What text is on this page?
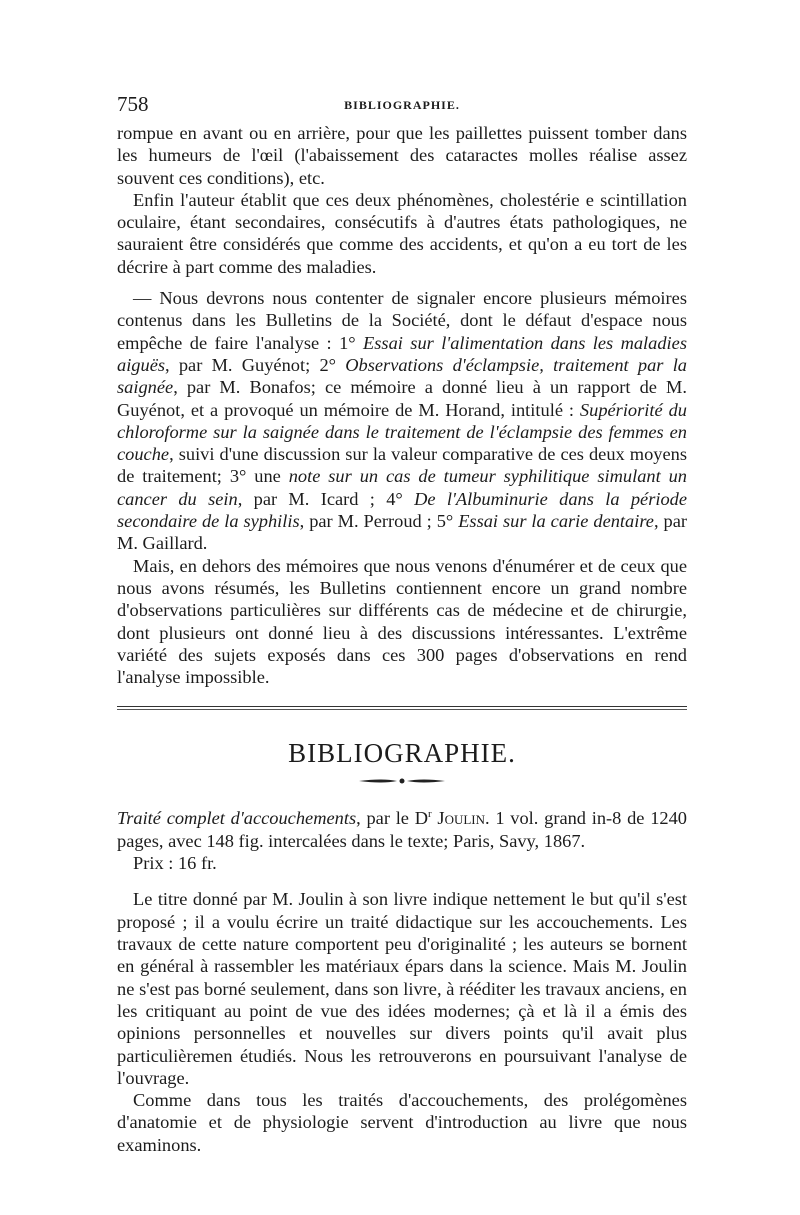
758	BIBLIOGRAPHIE.

rompue en avant ou en arrière, pour que les paillettes puissent tomber dans les humeurs de l'œil (l'abaissement des cataractes molles réalise assez souvent ces conditions), etc.

Enfin l'auteur établit que ces deux phénomènes, cholestérie e scintillation oculaire, étant secondaires, consécutifs à d'autres états pathologiques, ne sauraient être considérés que comme des accidents, et qu'on a eu tort de les décrire à part comme des maladies.

— Nous devrons nous contenter de signaler encore plusieurs mémoires contenus dans les Bulletins de la Société, dont le défaut d'espace nous empêche de faire l'analyse : 1° Essai sur l'alimentation dans les maladies aiguës, par M. Guyénot; 2° Observations d'éclampsie, traitement par la saignée, par M. Bonafos; ce mémoire a donné lieu à un rapport de M. Guyénot, et a provoqué un mémoire de M. Horand, intitulé : Supériorité du chloroforme sur la saignée dans le traitement de l'éclampsie des femmes en couche, suivi d'une discussion sur la valeur comparative de ces deux moyens de traitement; 3° une note sur un cas de tumeur syphilitique simulant un cancer du sein, par M. Icard ; 4° De l'Albuminurie dans la période secondaire de la syphilis, par M. Perroud ; 5° Essai sur la carie dentaire, par M. Gaillard.

Mais, en dehors des mémoires que nous venons d'énumérer et de ceux que nous avons résumés, les Bulletins contiennent encore un grand nombre d'observations particulières sur différents cas de médecine et de chirurgie, dont plusieurs ont donné lieu à des discussions intéressantes. L'extrême variété des sujets exposés dans ces 300 pages d'observations en rend l'analyse impossible.

BIBLIOGRAPHIE.
Traité complet d'accouchements, par le $D^r$ Joulin. 1 vol. grand in-8 de 1240 pages, avec 148 fig. intercalées dans le texte; Paris, Savy, 1867.
Prix : 16 fr.

Le titre donné par M. Joulin à son livre indique nettement le but qu'il s'est proposé ; il a voulu écrire un traité didactique sur les accouchements. Les travaux de cette nature comportent peu d'originalité ; les auteurs se bornent en général à rassembler les matériaux épars dans la science. Mais M. Joulin ne s'est pas borné seulement, dans son livre, à rééditer les travaux anciens, en les critiquant au point de vue des idées modernes; çà et là il a émis des opinions personnelles et nouvelles sur divers points qu'il avait plus particulièremen étudiés. Nous les retrouverons en poursuivant l'analyse de l'ouvrage.

Comme dans tous les traités d'accouchements, des prolégomènes d'anatomie et de physiologie servent d'introduction au livre que nous examinons.
